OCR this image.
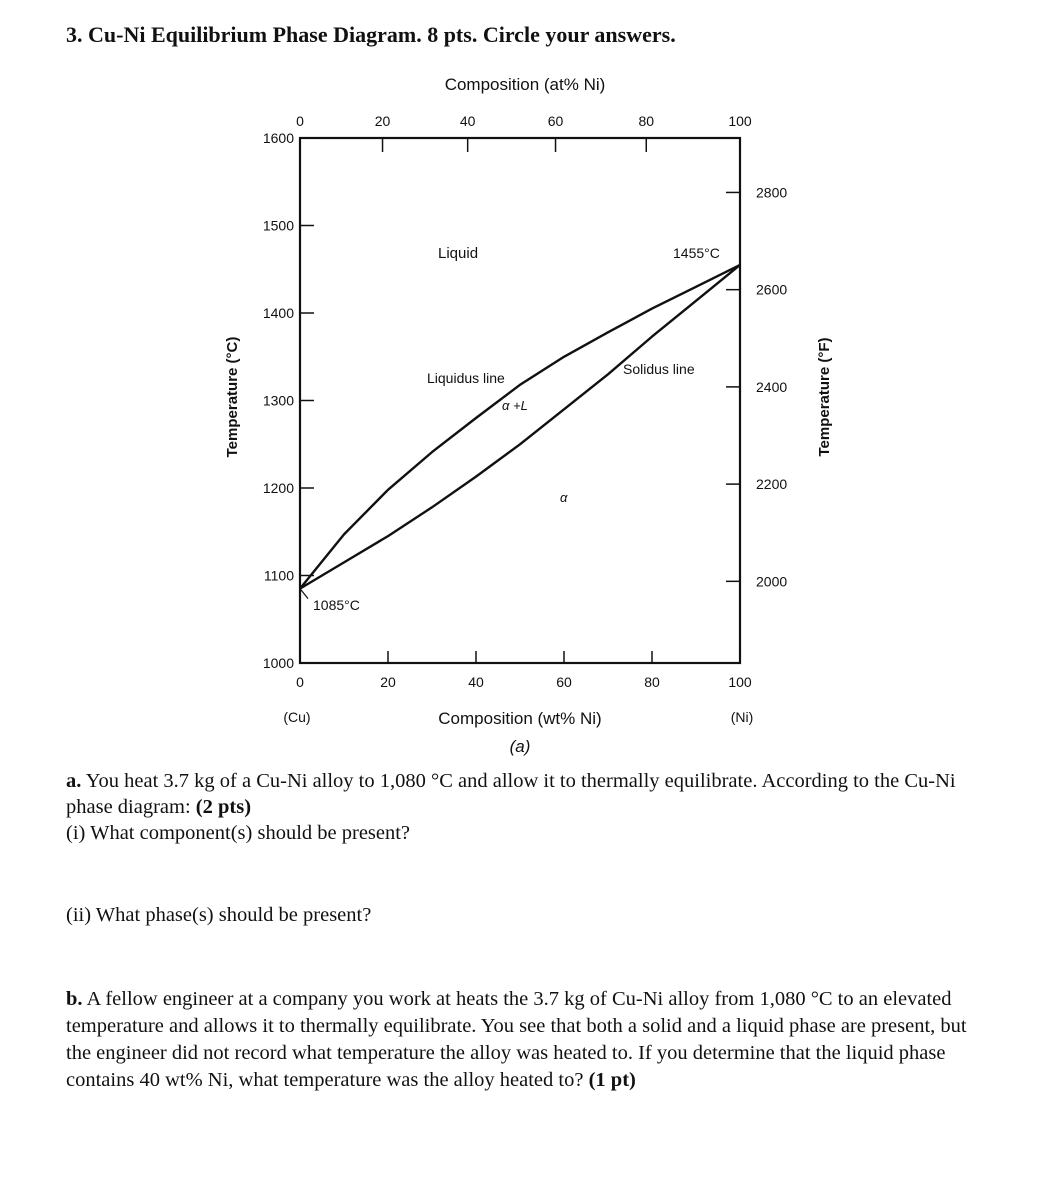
3. Cu-Ni Equilibrium Phase Diagram. 8 pts. Circle your answers.
Composition (at% Ni)
Composition (wt% Ni)
Temperature (°C)	Temperature (°F)
(Cu)	(Ni)
(a)
Liquid	1455°C
Liquidus line
Solidus line
α +L
α
1085°C
0	20	40	60	80	100
0	20	40	60	80	100
1600
1500
1400
1300
1200
1100
1000
2800
2600
2400
2200
2000

a. You heat 3.7 kg of a Cu-Ni alloy to 1,080 °C and allow it to thermally equilibrate. According to the Cu-Ni phase diagram: (2 pts)

(i) What component(s) should be present?

(ii) What phase(s) should be present?

b. A fellow engineer at a company you work at heats the 3.7 kg of Cu-Ni alloy from 1,080 °C to an elevated temperature and allows it to thermally equilibrate. You see that both a solid and a liquid phase are present, but the engineer did not record what temperature the alloy was heated to. If you determine that the liquid phase contains 40 wt% Ni, what temperature was the alloy heated to? (1 pt)
